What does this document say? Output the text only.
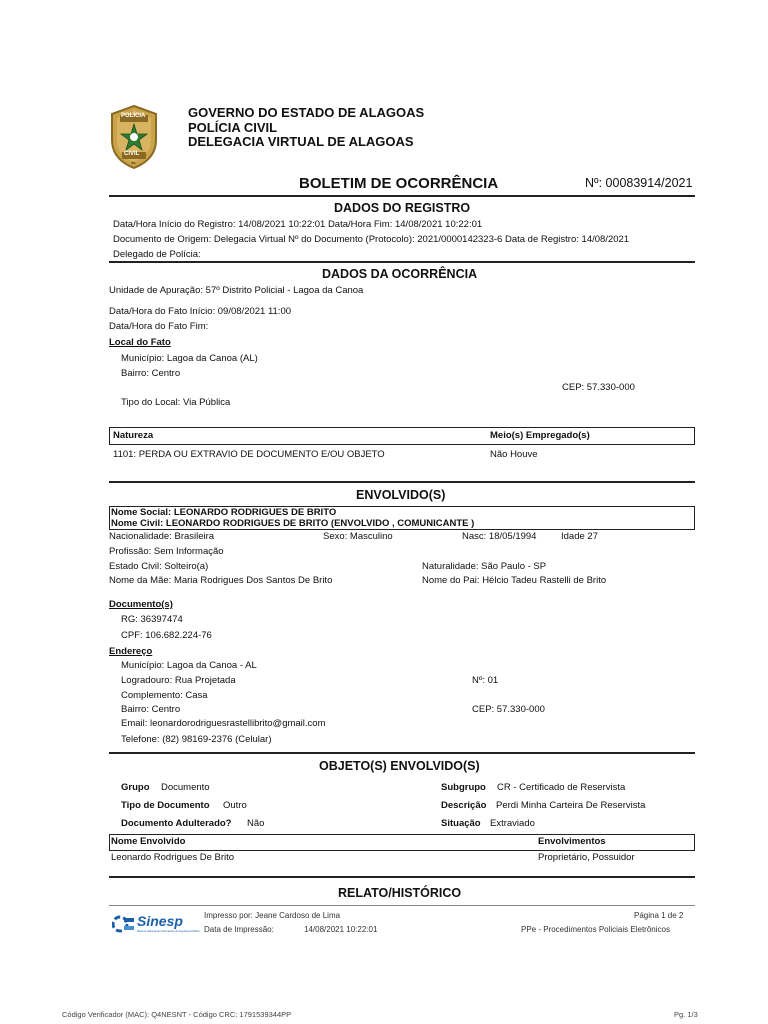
POLÍCIA
CIVIL
AL
GOVERNO DO ESTADO DE ALAGOAS
POLÍCIA CIVIL
DELEGACIA VIRTUAL DE ALAGOAS
BOLETIM DE OCORRÊNCIA	Nº: 00083914/2021
DADOS DO REGISTRO
Data/Hora Início do Registro: 14/08/2021 10:22:01 Data/Hora Fim: 14/08/2021 10:22:01
Documento de Origem: Delegacia Virtual Nº do Documento (Protocolo): 2021/0000142323-6 Data de Registro: 14/08/2021
Delegado de Polícia:
DADOS DA OCORRÊNCIA
Unidade de Apuração: 57º Distrito Policial - Lagoa da Canoa
Data/Hora do Fato Início: 09/08/2021 11:00
Data/Hora do Fato Fim:
Local do Fato
Município: Lagoa da Canoa (AL)
Bairro: Centro
CEP: 57.330-000
Tipo do Local: Via Pública
Natureza	Meio(s) Empregado(s)
1101: PERDA OU EXTRAVIO DE DOCUMENTO E/OU OBJETO	Não Houve
ENVOLVIDO(S)
Nome Social: LEONARDO RODRIGUES DE BRITO
Nome Civil: LEONARDO RODRIGUES DE BRITO (ENVOLVIDO , COMUNICANTE )
Nacionalidade: Brasileira	Sexo: Masculino	Nasc: 18/05/1994	Idade 27
Profissão: Sem Informação
Estado Civil: Solteiro(a)	Naturalidade: São Paulo - SP
Nome da Mãe: Maria Rodrigues Dos Santos De Brito	Nome do Pai: Hélcio Tadeu Rastelli de Brito
Documento(s)
RG: 36397474
CPF: 106.682.224-76
Endereço
Município: Lagoa da Canoa - AL
Logradouro: Rua Projetada	Nº: 01
Complemento: Casa
Bairro: Centro	CEP: 57.330-000
Email: leonardorodriguesrastellibrito@gmail.com
Telefone: (82) 98169-2376 (Celular)
OBJETO(S) ENVOLVIDO(S)
Grupo Documento	Subgrupo CR - Certificado de Reservista
Tipo de Documento Outro	Descrição Perdi Minha Carteira De Reservista
Documento Adulterado? Não	Situação Extraviado
Nome Envolvido	Envolvimentos
Leonardo Rodrigues De Brito	Proprietário, Possuidor
RELATO/HISTÓRICO
Sinesp
Sistema Nacional de Informações de Segurança Pública
Impresso por: Jeane Cardoso de Lima
Data de Impressão:	14/08/2021 10:22:01
Página 1 de 2
PPe - Procedimentos Policiais Eletrônicos
Código Verificador (MAC): Q4NESNT - Código CRC: 1791539344PP	Pg. 1/3
